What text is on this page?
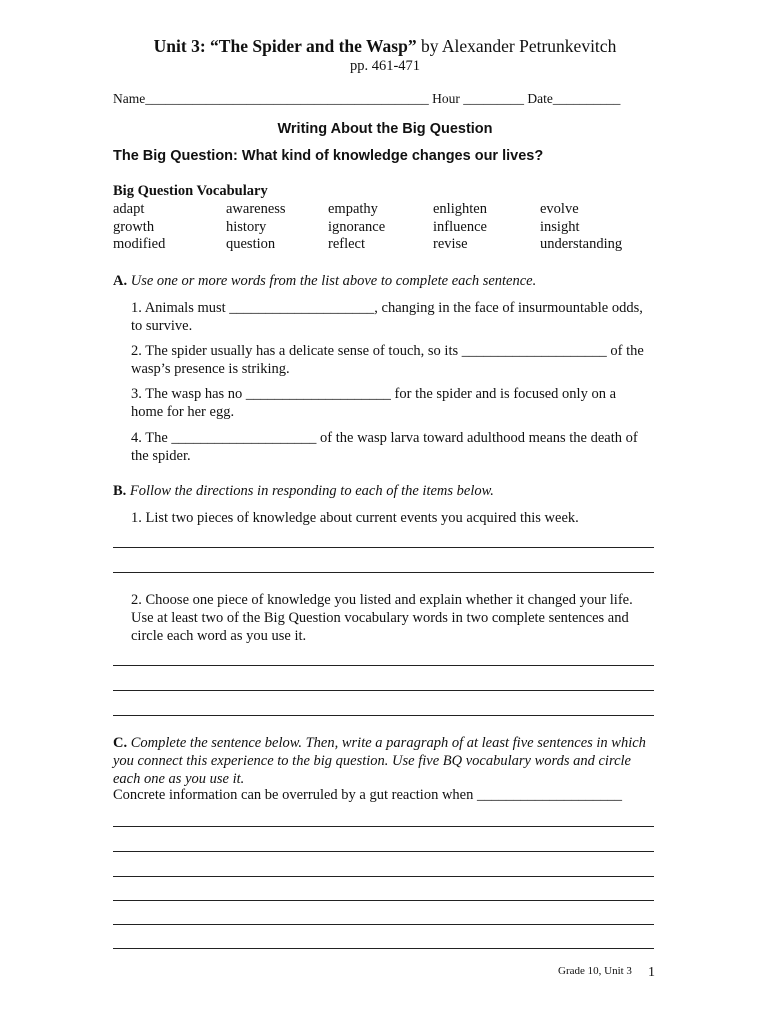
Unit 3: “The Spider and the Wasp” by Alexander Petrunkevitch
pp. 461-471
Name__________________________________________ Hour _________ Date__________
Writing About the Big Question
The Big Question: What kind of knowledge changes our lives?
Big Question Vocabulary
adapt	awareness	empathy	enlighten	evolve
growth	history	ignorance	influence	insight
modified	question	reflect	revise	understanding
A. Use one or more words from the list above to complete each sentence.
1. Animals must ____________________, changing in the face of insurmountable odds, to survive.
2. The spider usually has a delicate sense of touch, so its ____________________ of the wasp’s presence is striking.
3. The wasp has no ____________________ for the spider and is focused only on a home for her egg.
4. The ____________________ of the wasp larva toward adulthood means the death of the spider.
B. Follow the directions in responding to each of the items below.
1. List two pieces of knowledge about current events you acquired this week.
2. Choose one piece of knowledge you listed and explain whether it changed your life. Use at least two of the Big Question vocabulary words in two complete sentences and circle each word as you use it.
C. Complete the sentence below. Then, write a paragraph of at least five sentences in which you connect this experience to the big question. Use five BQ vocabulary words and circle each one as you use it.
Concrete information can be overruled by a gut reaction when ____________________
Grade 10, Unit 3 1
